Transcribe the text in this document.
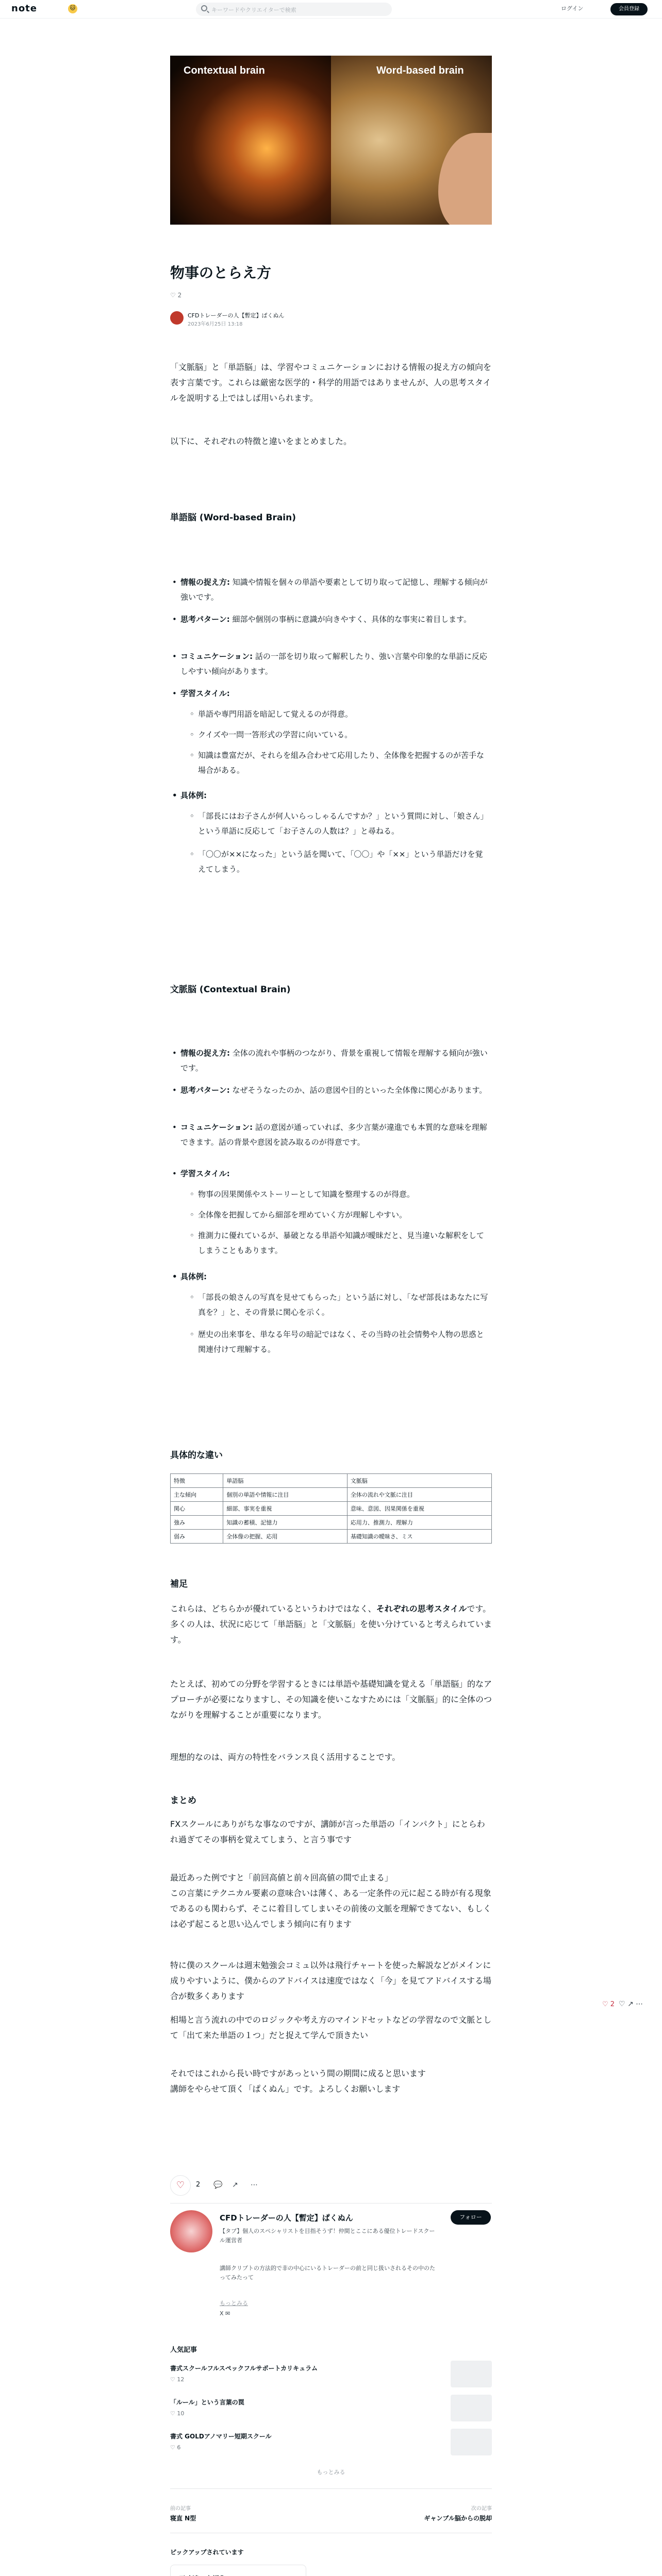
note	🐱	キーワードやクリエイターで検索	ログイン	会員登録
Contextual brain	Word-based brain
物事のとらえ方
♡ 2
CFDトレーダーの人【暫定】ぱくぬん
2023年6月25日 13:18
「文脈脳」と「単語脳」は、学習やコミュニケーションにおける情報の捉え方の傾向を表す言葉です。これらは厳密な医学的・科学的用語ではありませんが、人の思考スタイルを説明する上ではしば用いられます。
以下に、それぞれの特徴と違いをまとめました。
単語脳 (Word-based Brain)
• 情報の捉え方: 知識や情報を個々の単語や要素として切り取って記憶し、理解する傾向が強いです。
• 思考パターン: 細部や個別の事柄に意識が向きやすく、具体的な事実に着目します。
• コミュニケーション: 話の一部を切り取って解釈したり、強い言葉や印象的な単語に反応しやすい傾向があります。
• 学習スタイル:
◦ 単語や専門用語を暗記して覚えるのが得意。
◦ クイズや一問一答形式の学習に向いている。
◦ 知識は豊富だが、それらを組み合わせて応用したり、全体像を把握するのが苦手な場合がある。
• 具体例:
◦ 「部長にはお子さんが何人いらっしゃるんですか？」という質問に対し、「娘さん」という単語に反応して「お子さんの人数は？」と尋ねる。
◦ 「〇〇が××になった」という話を聞いて、「〇〇」や「××」という単語だけを覚えてしまう。
文脈脳 (Contextual Brain)
• 情報の捉え方: 全体の流れや事柄のつながり、背景を重視して情報を理解する傾向が強いです。
• 思考パターン: なぜそうなったのか、話の意図や目的といった全体像に関心があります。
• コミュニケーション: 話の意図が通っていれば、多少言葉が違進でも本質的な意味を理解できます。話の背景や意図を読み取るのが得意です。
• 学習スタイル:
◦ 物事の因果関係やストーリーとして知識を整理するのが得意。
◦ 全体像を把握してから細部を埋めていく方が理解しやすい。
◦ 推測力に優れているが、暴破となる単語や知識が曖昧だと、見当違いな解釈をしてしまうこともあります。
• 具体例:
◦ 「部長の娘さんの写真を見せてもらった」という話に対し、「なぜ部長はあなたに写真を？」と、その背景に関心を示く。
◦ 歴史の出来事を、単なる年号の暗記ではなく、その当時の社会情勢や人物の思惑と関連付けて理解する。
具体的な違い
特徴	単語脳	文脈脳
主な傾向	個別の単語や情報に注目	全体の流れや文脈に注目
関心	細部、事実を重視	意味、意図、因果関係を重視
強み	知識の蓄積、記憶力	応用力、推測力、理解力
弱み	全体像の把握、応用	基礎知識の曖昧さ、ミス
補足
これらは、どちらかが優れているというわけではなく、それぞれの思考スタイルです。多くの人は、状況に応じて「単語脳」と「文脈脳」を使い分けていると考えられています。
たとえば、初めての分野を学習するときには単語や基礎知識を覚える「単語脳」的なアプローチが必要になりますし、その知識を使いこなすためには「文脈脳」的に全体のつながりを理解することが重要になります。
理想的なのは、両方の特性をバランス良く活用することです。
まとめ
FXスクールにありがちな事なのですが、講師が言った単語の「インパクト」にとらわれ過ぎてその事柄を覚えてしまう、と言う事です
最近あった例ですと「前回高値と前々回高値の間で止まる」
この言葉にテクニカル要素の意味合いは薄く、ある一定条件の元に起こる時が有る現象であるのも関わらず、そこに着目してしまいその前後の文脈を理解できてない、もしくは必ず起こると思い込んでしまう傾向に有ります
特に僕のスクールは週末勉強会コミュ以外は飛行チャートを使った解説などがメインに成りやすいように、僕からのアドバイスは速度ではなく「今」を見てアドバイスする場合が数多くあります
相場と言う流れの中でのロジックや考え方のマインドセットなどの学習なので文脈として「出て来た単語の１つ」だと捉えて学んで頂きたい
それではこれから長い時ですがあっという間の期間に成ると思います
講師をやらせて頂く「ぱくぬん」です。よろしくお願いします
♡ 2 ♡ ↗ ⋯
♡	2 💬 ↗ ⋯
CFDトレーダーの人【暫定】ぱくぬん	フォロー
【タブ】個人のスペシャリストを目指そうず！仲間とここにある優位トレードスクール運営者
講師クリプトの方法的で非の中心にいるトレーダーの前と同じ扱いされるその中のたってみたって
もっとみる
X ✉
人気記事
書式スクールフルスペックフルサポートカリキュラム
♡ 12
「ルール」という言葉の罠
♡ 10
書式 GOLDアノマリー短期スクール
♡ 6
もっとみる
前の記事
寝直 N型
次の記事
ギャンブル脳からの脱却
ピックアップされています
